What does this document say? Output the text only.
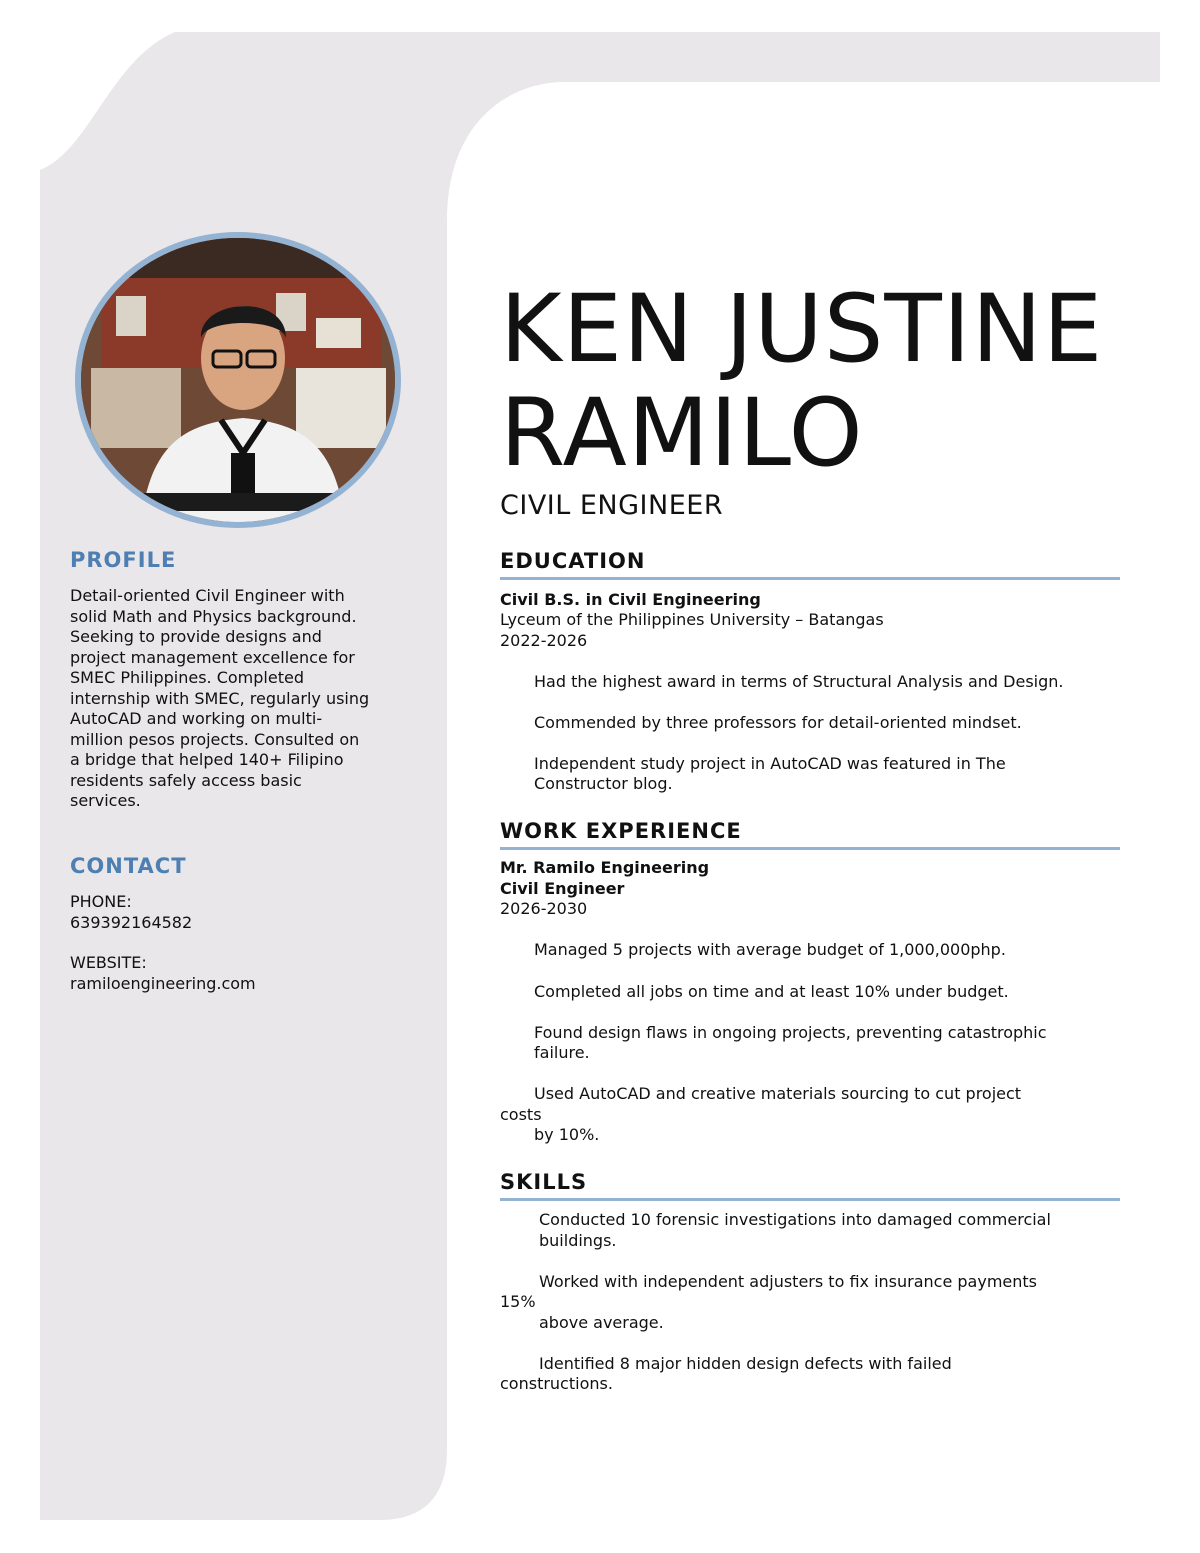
PROFILE

Detail-oriented Civil Engineer with

solid Math and Physics background.

Seeking to provide designs and

project management excellence for

SMEC Philippines. Completed

internship with SMEC, regularly using

AutoCAD and working on multi-

million pesos projects. Consulted on

a bridge that helped 140+ Filipino

residents safely access basic

services.

CONTACT

PHONE:

639392164582

WEBSITE:

ramiloengineering.com

KEN JUSTINE
RAMILO

CIVIL ENGINEER

EDUCATION

Civil B.S. in Civil Engineering

Lyceum of the Philippines University – Batangas

2022-2026

Had the highest award in terms of Structural Analysis and Design.

Commended by three professors for detail-oriented mindset.

Independent study project in AutoCAD was featured in The

Constructor blog.

WORK EXPERIENCE

Mr. Ramilo Engineering

Civil Engineer

2026-2030

Managed 5 projects with average budget of 1,000,000php.

Completed all jobs on time and at least 10% under budget.

Found design flaws in ongoing projects, preventing catastrophic

failure.

Used AutoCAD and creative materials sourcing to cut project

costs

by 10%.

SKILLS

Conducted 10 forensic investigations into damaged commercial

buildings.

Worked with independent adjusters to fix insurance payments

15%

above average.

Identified 8 major hidden design defects with failed

constructions.
